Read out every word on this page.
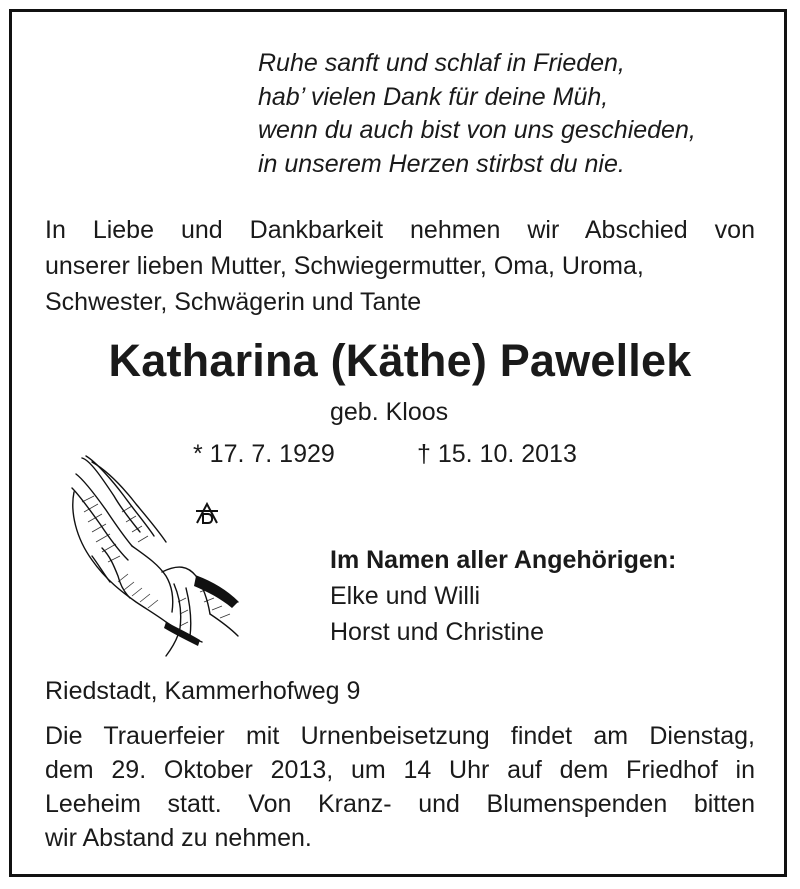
Ruhe sanft und schlaf in Frieden,
hab’ vielen Dank für deine Müh,
wenn du auch bist von uns geschieden,
in unserem Herzen stirbst du nie.
In Liebe und Dankbarkeit nehmen wir Abschied von
unserer lieben Mutter, Schwiegermutter, Oma, Uroma,
Schwester, Schwägerin und Tante
Katharina (Käthe) Pawellek
geb. Kloos
* 17. 7. 1929	† 15. 10. 2013
Im Namen aller Angehörigen:
Elke und Willi
Horst und Christine
Riedstadt, Kammerhofweg 9
Die Trauerfeier mit Urnenbeisetzung findet am Dienstag,
dem 29. Oktober 2013, um 14 Uhr auf dem Friedhof in
Leeheim statt. Von Kranz- und Blumenspenden bitten
wir Abstand zu nehmen.
